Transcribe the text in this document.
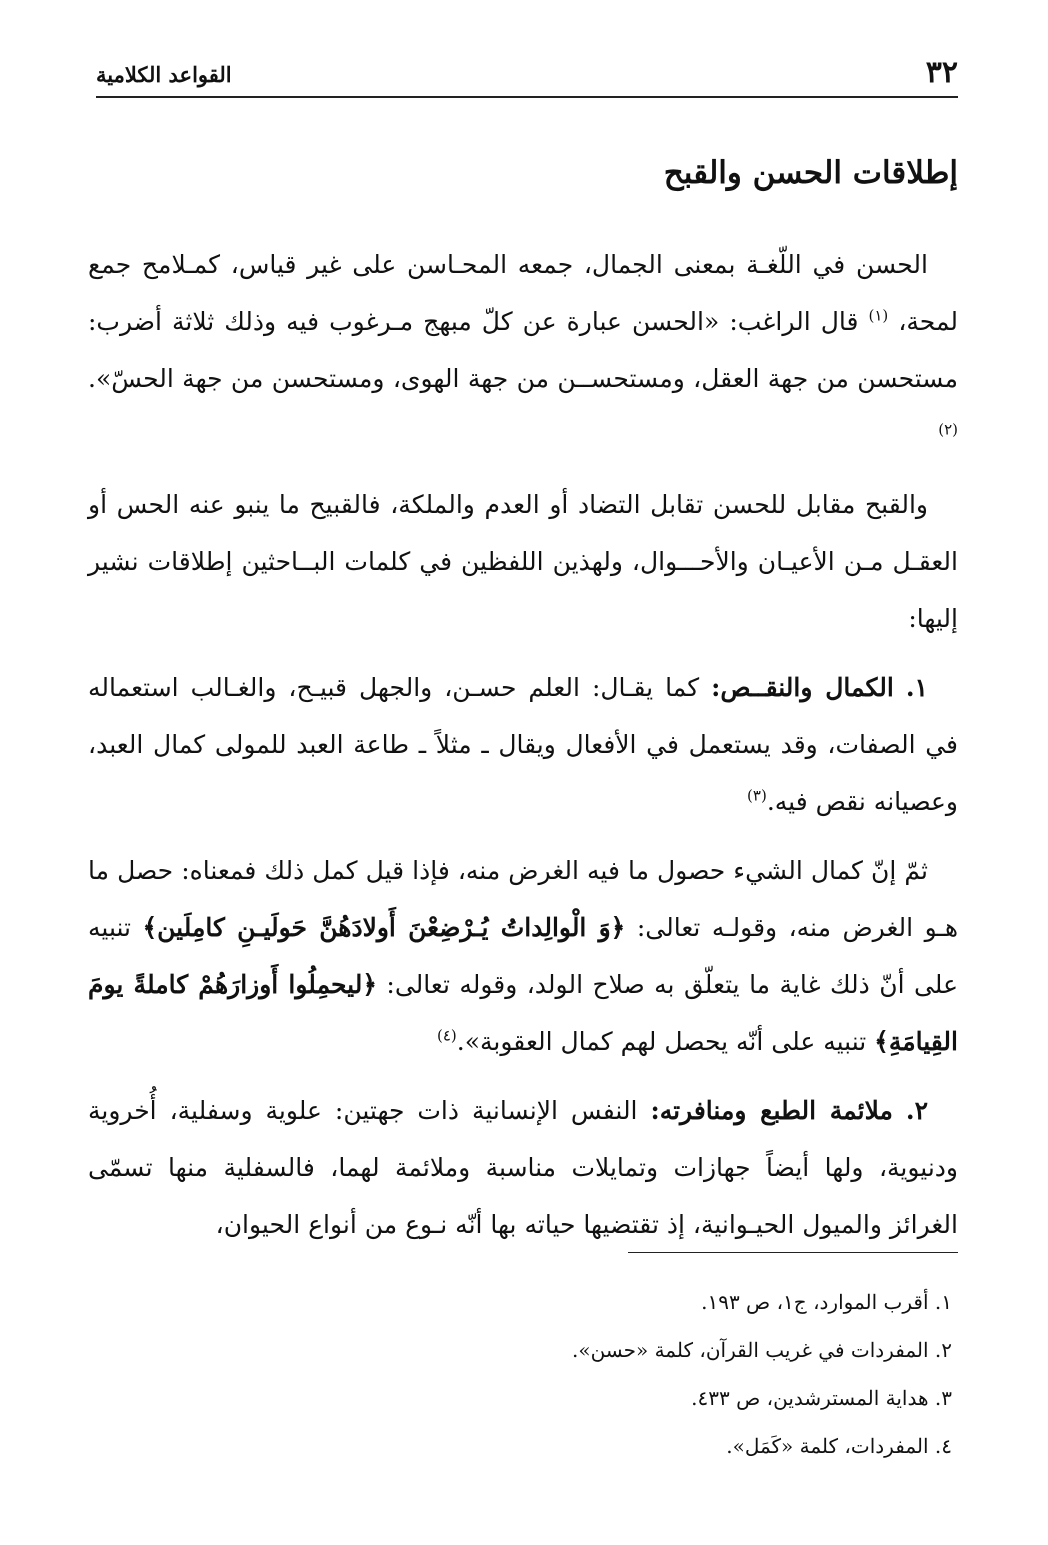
٣٢
القواعد الكلامية
إطلاقات الحسن والقبح

الحسن في اللّغـة بمعنى الجمال، جمعه المحـاسن على غير قياس، كمـلامح جمع لمحة، $^{(١)}$ قال الراغب: «الحسن عبارة عن كلّ مبهج مـرغوب فيه وذلك ثلاثة أضرب: مستحسن من جهة العقل، ومستحســن من جهة الهوى، ومستحسن من جهة الحسّ».$^{(٢)}$

والقبح مقابل للحسن تقابل التضاد أو العدم والملكة، فالقبيح ما ينبو عنه الحس أو العقـل مـن الأعيـان والأحـــوال، ولهذين اللفظين في كلمات البــاحثين إطلاقات نشير إليها:

١. الكمال والنقــص: كما يقـال: العلم حسـن، والجهل قبيـح، والغـالب استعماله في الصفات، وقد يستعمل في الأفعال ويقال ـ مثلاً ـ طاعة العبد للمولى كمال العبد، وعصيانه نقص فيه.$^{(٣)}$

ثمّ إنّ كمال الشيء حصول ما فيه الغرض منه، فإذا قيل كمل ذلك فمعناه: حصل ما هـو الغرض منه، وقولـه تعالى: ﴿وَ الْوالِداتُ يُـرْضِعْنَ أَولادَهُنَّ حَولَيـنِ كامِلَين﴾ تنبيه على أنّ ذلك غاية ما يتعلّق به صلاح الولد، وقوله تعالى: ﴿ليحمِلُوا أَوزارَهُمْ كاملةً يومَ القِيامَةِ﴾ تنبيه على أنّه يحصل لهم كمال العقوبة».$^{(٤)}$

٢. ملائمة الطبع ومنافرته: النفس الإنسانية ذات جهتين: علوية وسفلية، أُخروية ودنيوية، ولها أيضاً جهازات وتمايلات مناسبة وملائمة لهما، فالسفلية منها تسمّى الغرائز والميول الحيـوانية، إذ تقتضيها حياته بها أنّه نـوع من أنواع الحيوان،

١. أقرب الموارد، ج١، ص ١٩٣.
٢. المفردات في غريب القرآن، كلمة «حسن».
٣. هداية المسترشدين، ص ٤٣٣.
٤. المفردات، كلمة «كَمَل».
